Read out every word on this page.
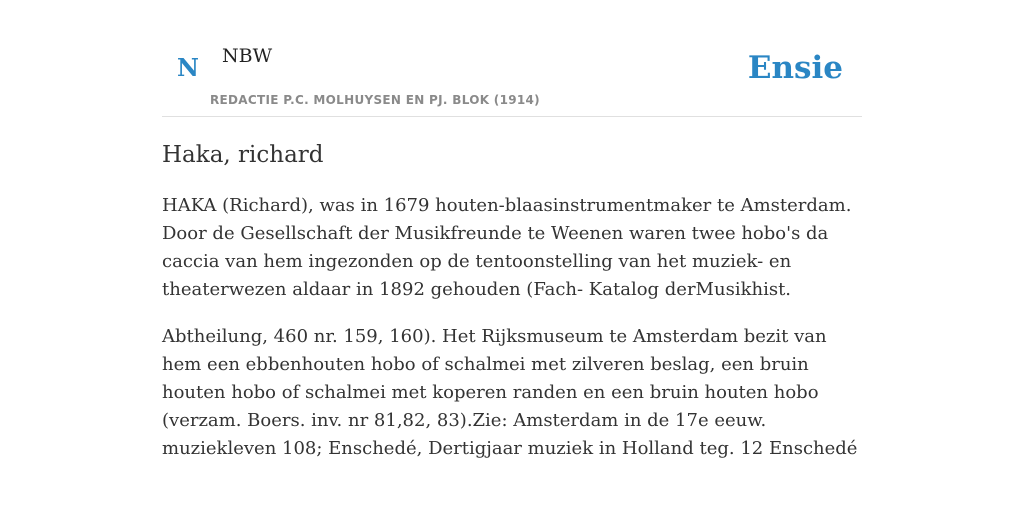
N NBW
REDACTIE P.C. MOLHUYSEN EN PJ. BLOK (1914)
Ensie
Haka, richard

HAKA (Richard), was in 1679 houten-blaasinstrumentmaker te Amsterdam. Door de Gesellschaft der Musikfreunde te Weenen waren twee hobo's da caccia van hem ingezonden op de tentoonstelling van het muziek- en theaterwezen aldaar in 1892 gehouden (Fach- Katalog derMusikhist.

Abtheilung, 460 nr. 159, 160). Het Rijksmuseum te Amsterdam bezit van hem een ebbenhouten hobo of schalmei met zilveren beslag, een bruin houten hobo of schalmei met koperen randen en een bruin houten hobo (verzam. Boers. inv. nr 81,82, 83).Zie: Amsterdam in de 17e eeuw. muziekleven 108; Enschedé, Dertigjaar muziek in Holland teg. 12 Enschedé
